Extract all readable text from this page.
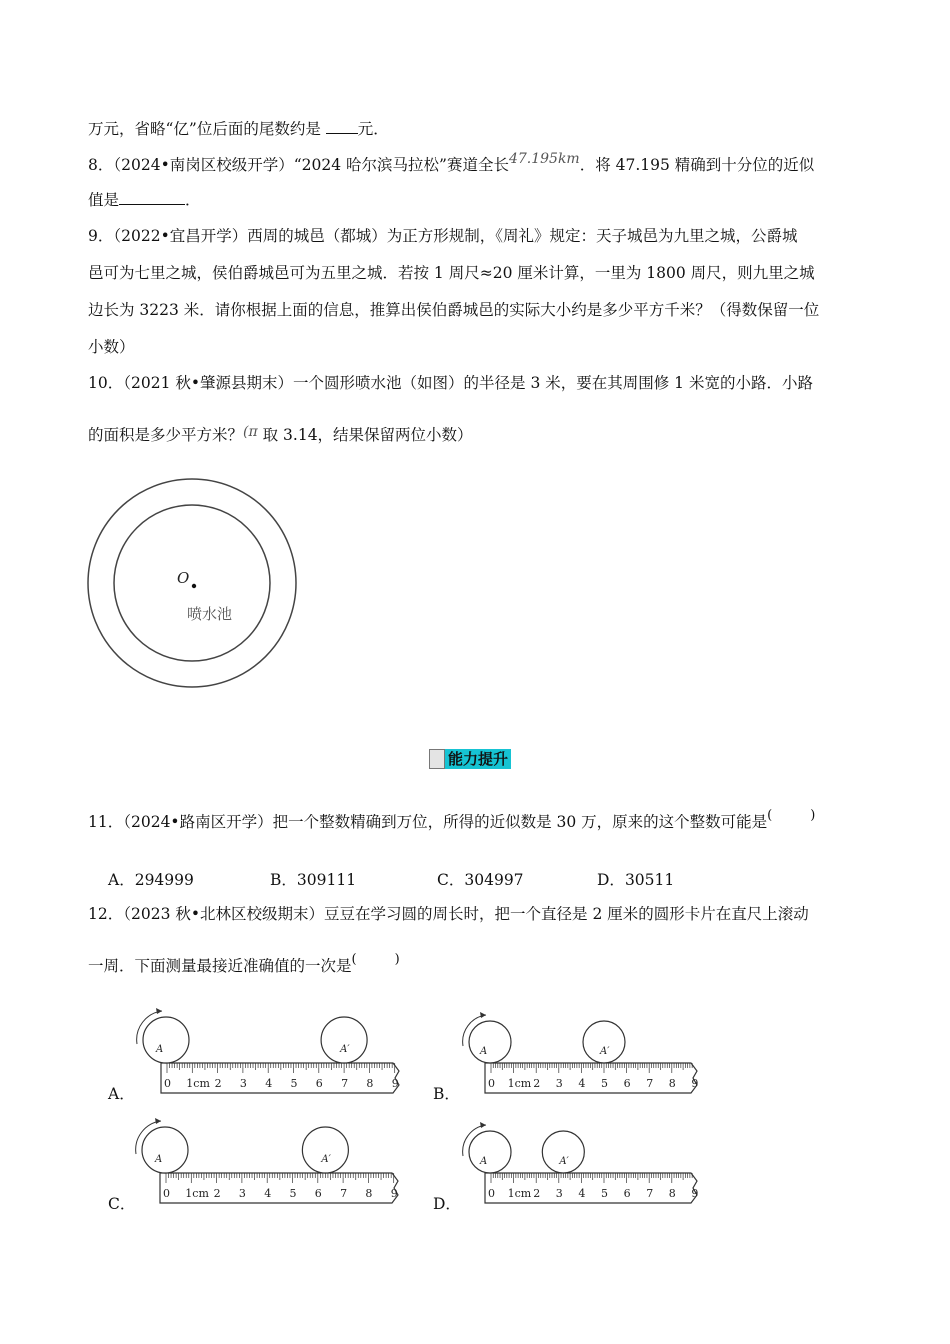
万元，省略“亿”位后面的尾数约是 元．
8．（2024•南岗区校级开学）“2024 哈尔滨马拉松”赛道全长47.195km．将 47.195 精确到十分位的近似
值是	．
9．（2022•宜昌开学）西周的城邑（都城）为正方形规制，《周礼》规定：天子城邑为九里之城，公爵城
邑可为七里之城，侯伯爵城邑可为五里之城．若按 1 周尺≈20 厘米计算，一里为 1800 周尺，则九里之城
边长为 3223 米．请你根据上面的信息，推算出侯伯爵城邑的实际大小约是多少平方千米？（得数保留一位
小数）
10．（2021 秋•肇源县期末）一个圆形喷水池（如图）的半径是 3 米，要在其周围修 1 米宽的小路．小路
的面积是多少平方米？(π 取 3.14，结果保留两位小数）
O
喷水池
能力提升
11．（2024•路南区开学）把一个整数精确到万位，所得的近似数是 30 万，原来的这个整数可能是(	)
A．294999	B．309111	C．304997	D．30511
12．（2023 秋•北林区校级期末）豆豆在学习圆的周长时，把一个直径是 2 厘米的圆形卡片在直尺上滚动
一周．下面测量最接近准确值的一次是(	)
A．
0 1cm 2 3 4 5 6 7 8 9
A	A′
B．
0 1cm 2 3 4 5 6 7 8 9
A	A′
C．
0 1cm 2 3 4 5 6 7 8 9
A	A′
D．
0 1cm 2 3 4 5 6 7 8 9
A	A′
